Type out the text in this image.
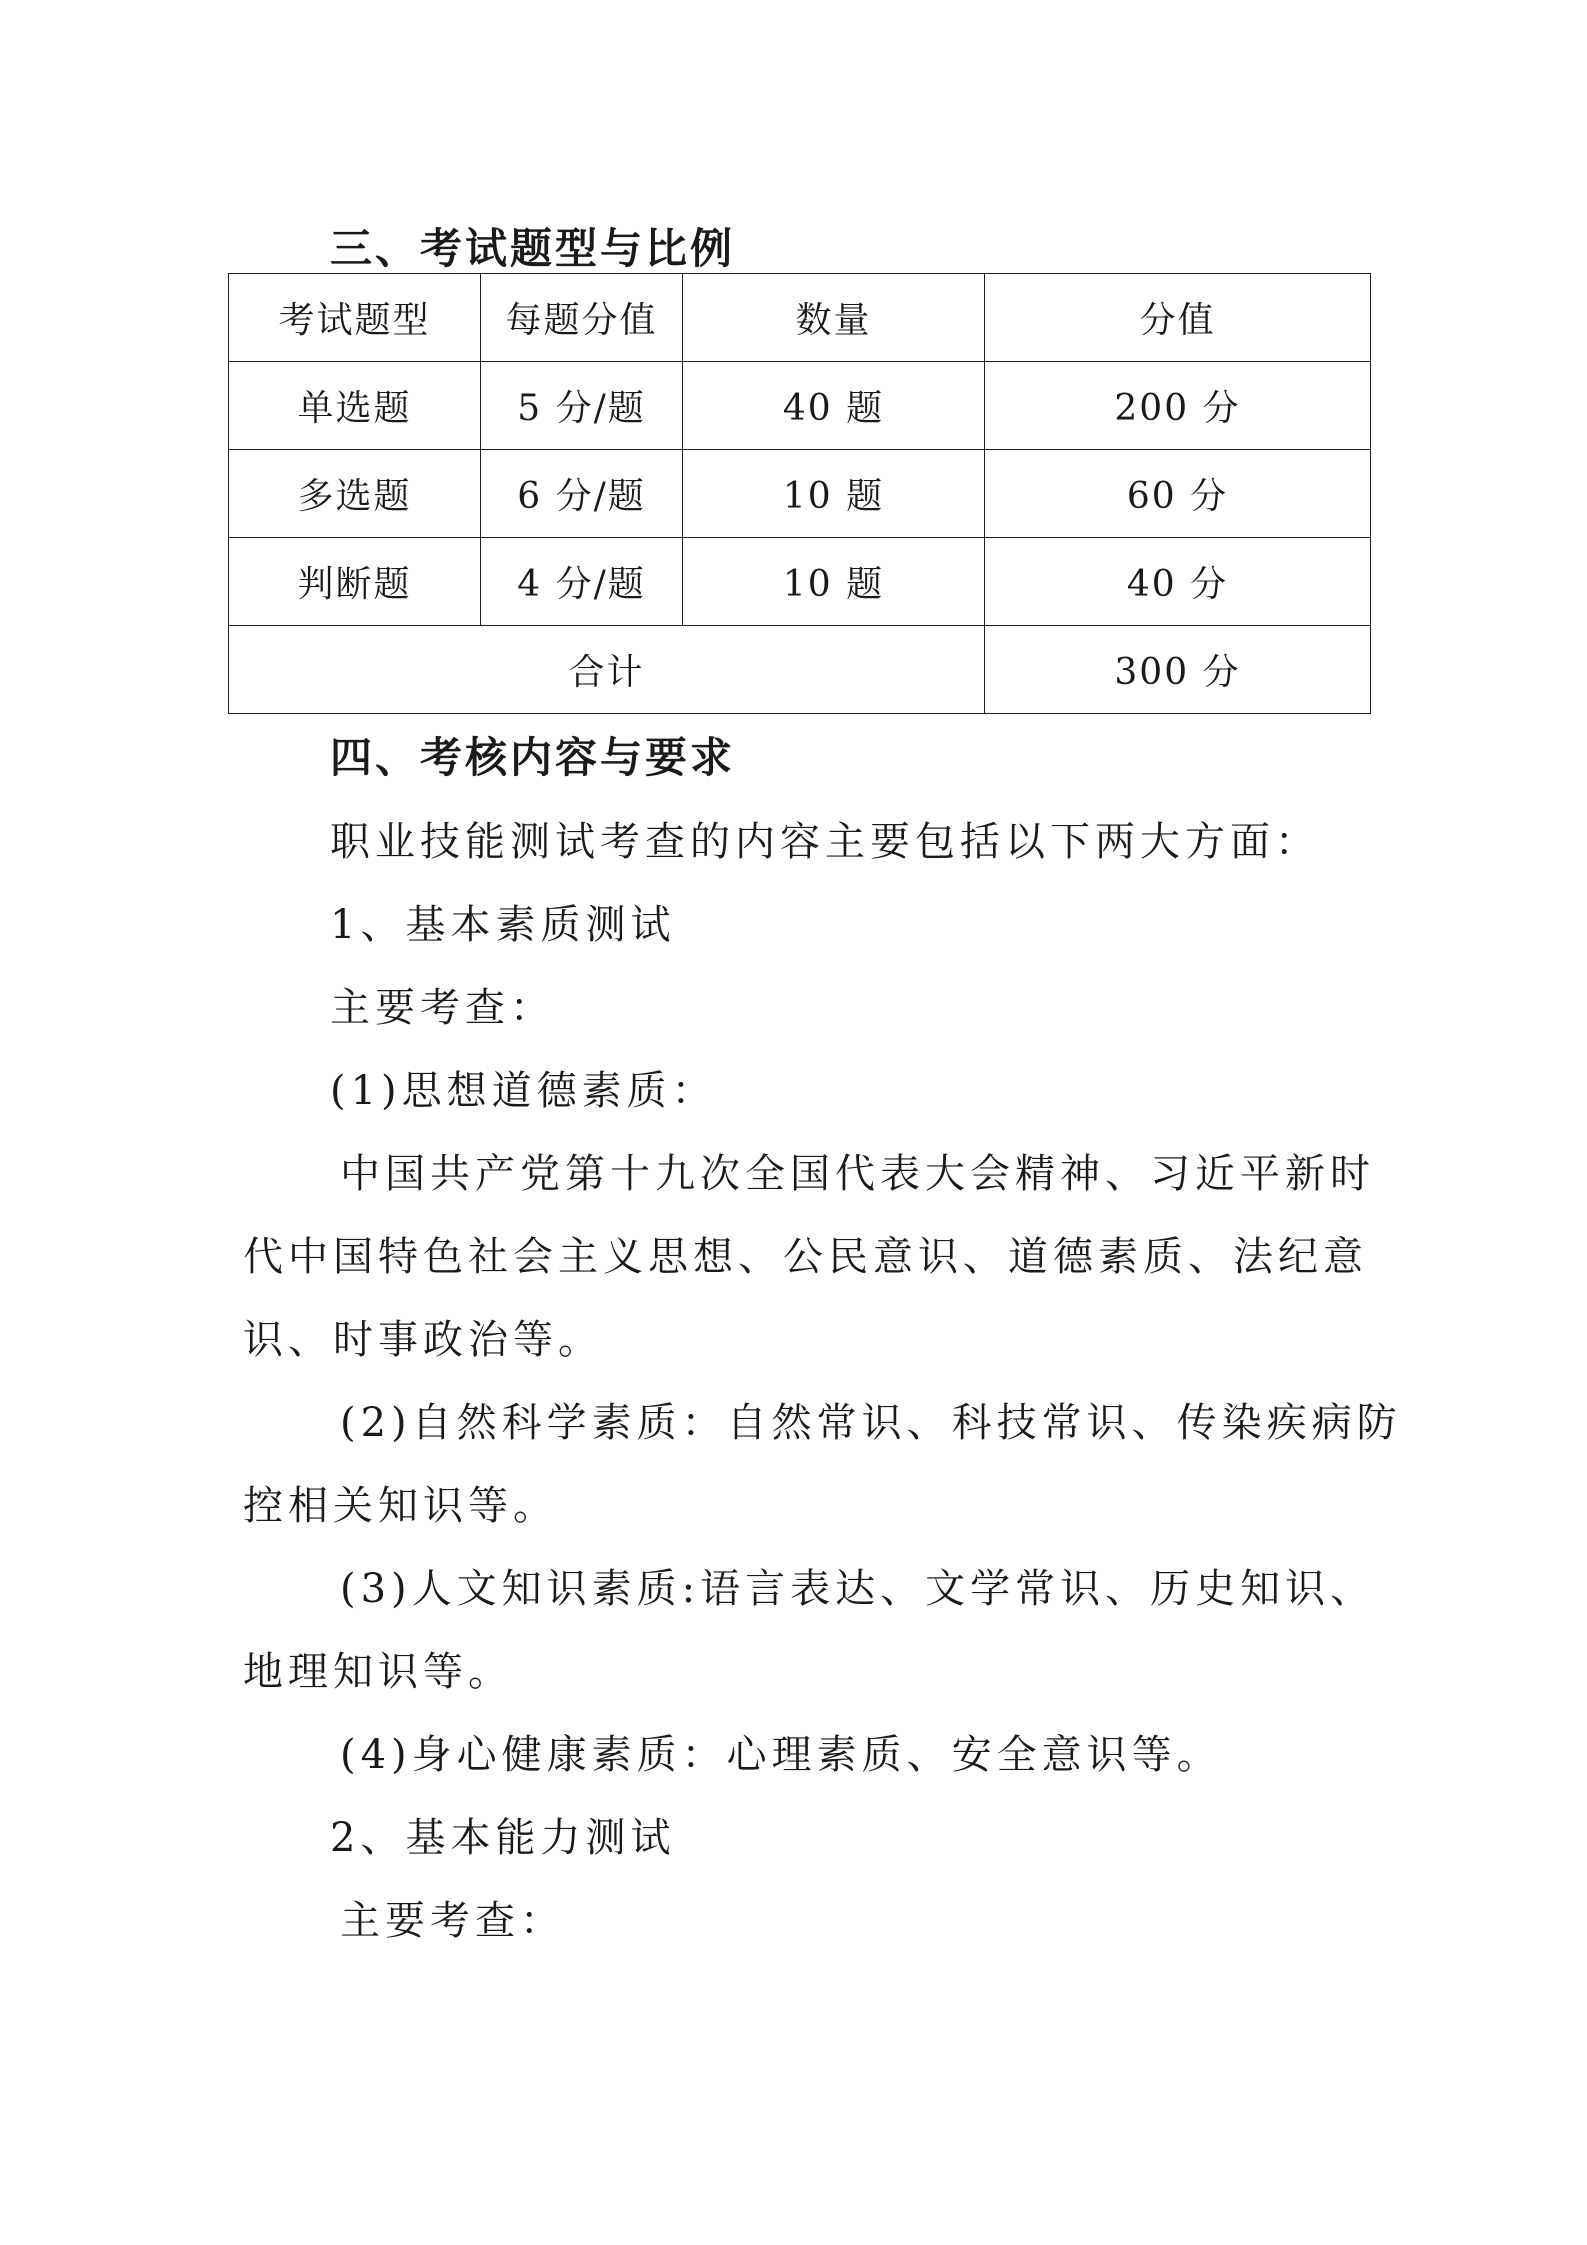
三、考试题型与比例
考试题型	每题分值	数量	分值
单选题	5 分/题	40 题	200 分
多选题	6 分/题	10 题	60 分
判断题	4 分/题	10 题	40 分
合计			300 分
四、考核内容与要求
职业技能测试考查的内容主要包括以下两大方面：
1、基本素质测试
主要考查：
(1)思想道德素质：
中国共产党第十九次全国代表大会精神、习近平新时
代中国特色社会主义思想、公民意识、道德素质、法纪意
识、时事政治等。
(2)自然科学素质：自然常识、科技常识、传染疾病防
控相关知识等。
(3)人文知识素质:语言表达、文学常识、历史知识、
地理知识等。
(4)身心健康素质：心理素质、安全意识等。
2、基本能力测试
主要考查：
